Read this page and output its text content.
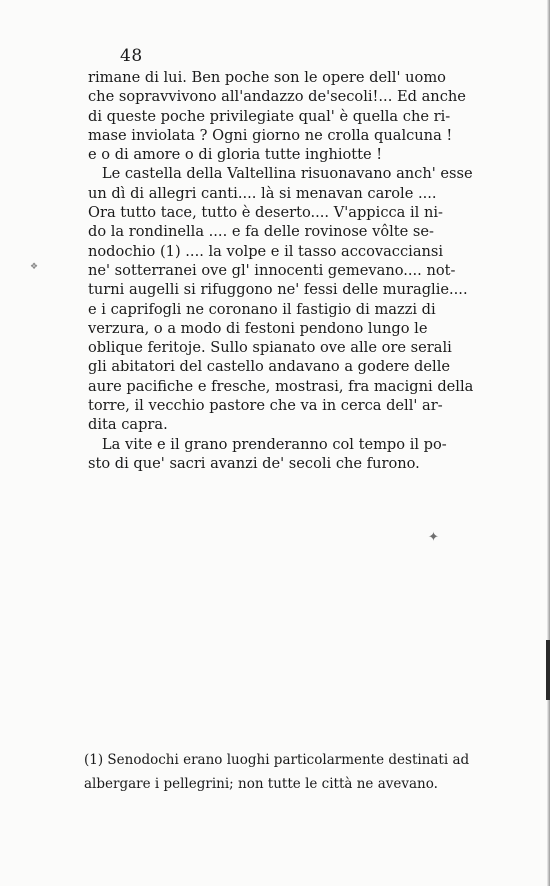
48
rimane di lui. Ben poche son le opere dell' uomo
che sopravvivono all'andazzo de'secoli!... Ed anche
di queste poche privilegiate qual' è quella che ri-
mase inviolata ? Ogni giorno ne crolla qualcuna !
e o di amore o di gloria tutte inghiotte !
Le castella della Valtellina risuonavano anch' esse
un dì di allegri canti.... là si menavan carole ....
Ora tutto tace, tutto è deserto.... V'appicca il ni-
do la rondinella .... e fa delle rovinose vôlte se-
nodochio (1) .... la volpe e il tasso accovacciansi
ne' sotterranei ove gl' innocenti gemevano.... not-
turni augelli si rifuggono ne' fessi delle muraglie....
e i caprifogli ne coronano il fastigio di mazzi di
verzura, o a modo di festoni pendono lungo le
oblique feritoje. Sullo spianato ove alle ore serali
gli abitatori del castello andavano a godere delle
aure pacifiche e fresche, mostrasi, fra macigni della
torre, il vecchio pastore che va in cerca dell' ar-
dita capra.
La vite e il grano prenderanno col tempo il po-
sto di que' sacri avanzi de' secoli che furono.
✦
❖
(1) Senodochi erano luoghi particolarmente destinati ad
albergare i pellegrini; non tutte le città ne avevano.
